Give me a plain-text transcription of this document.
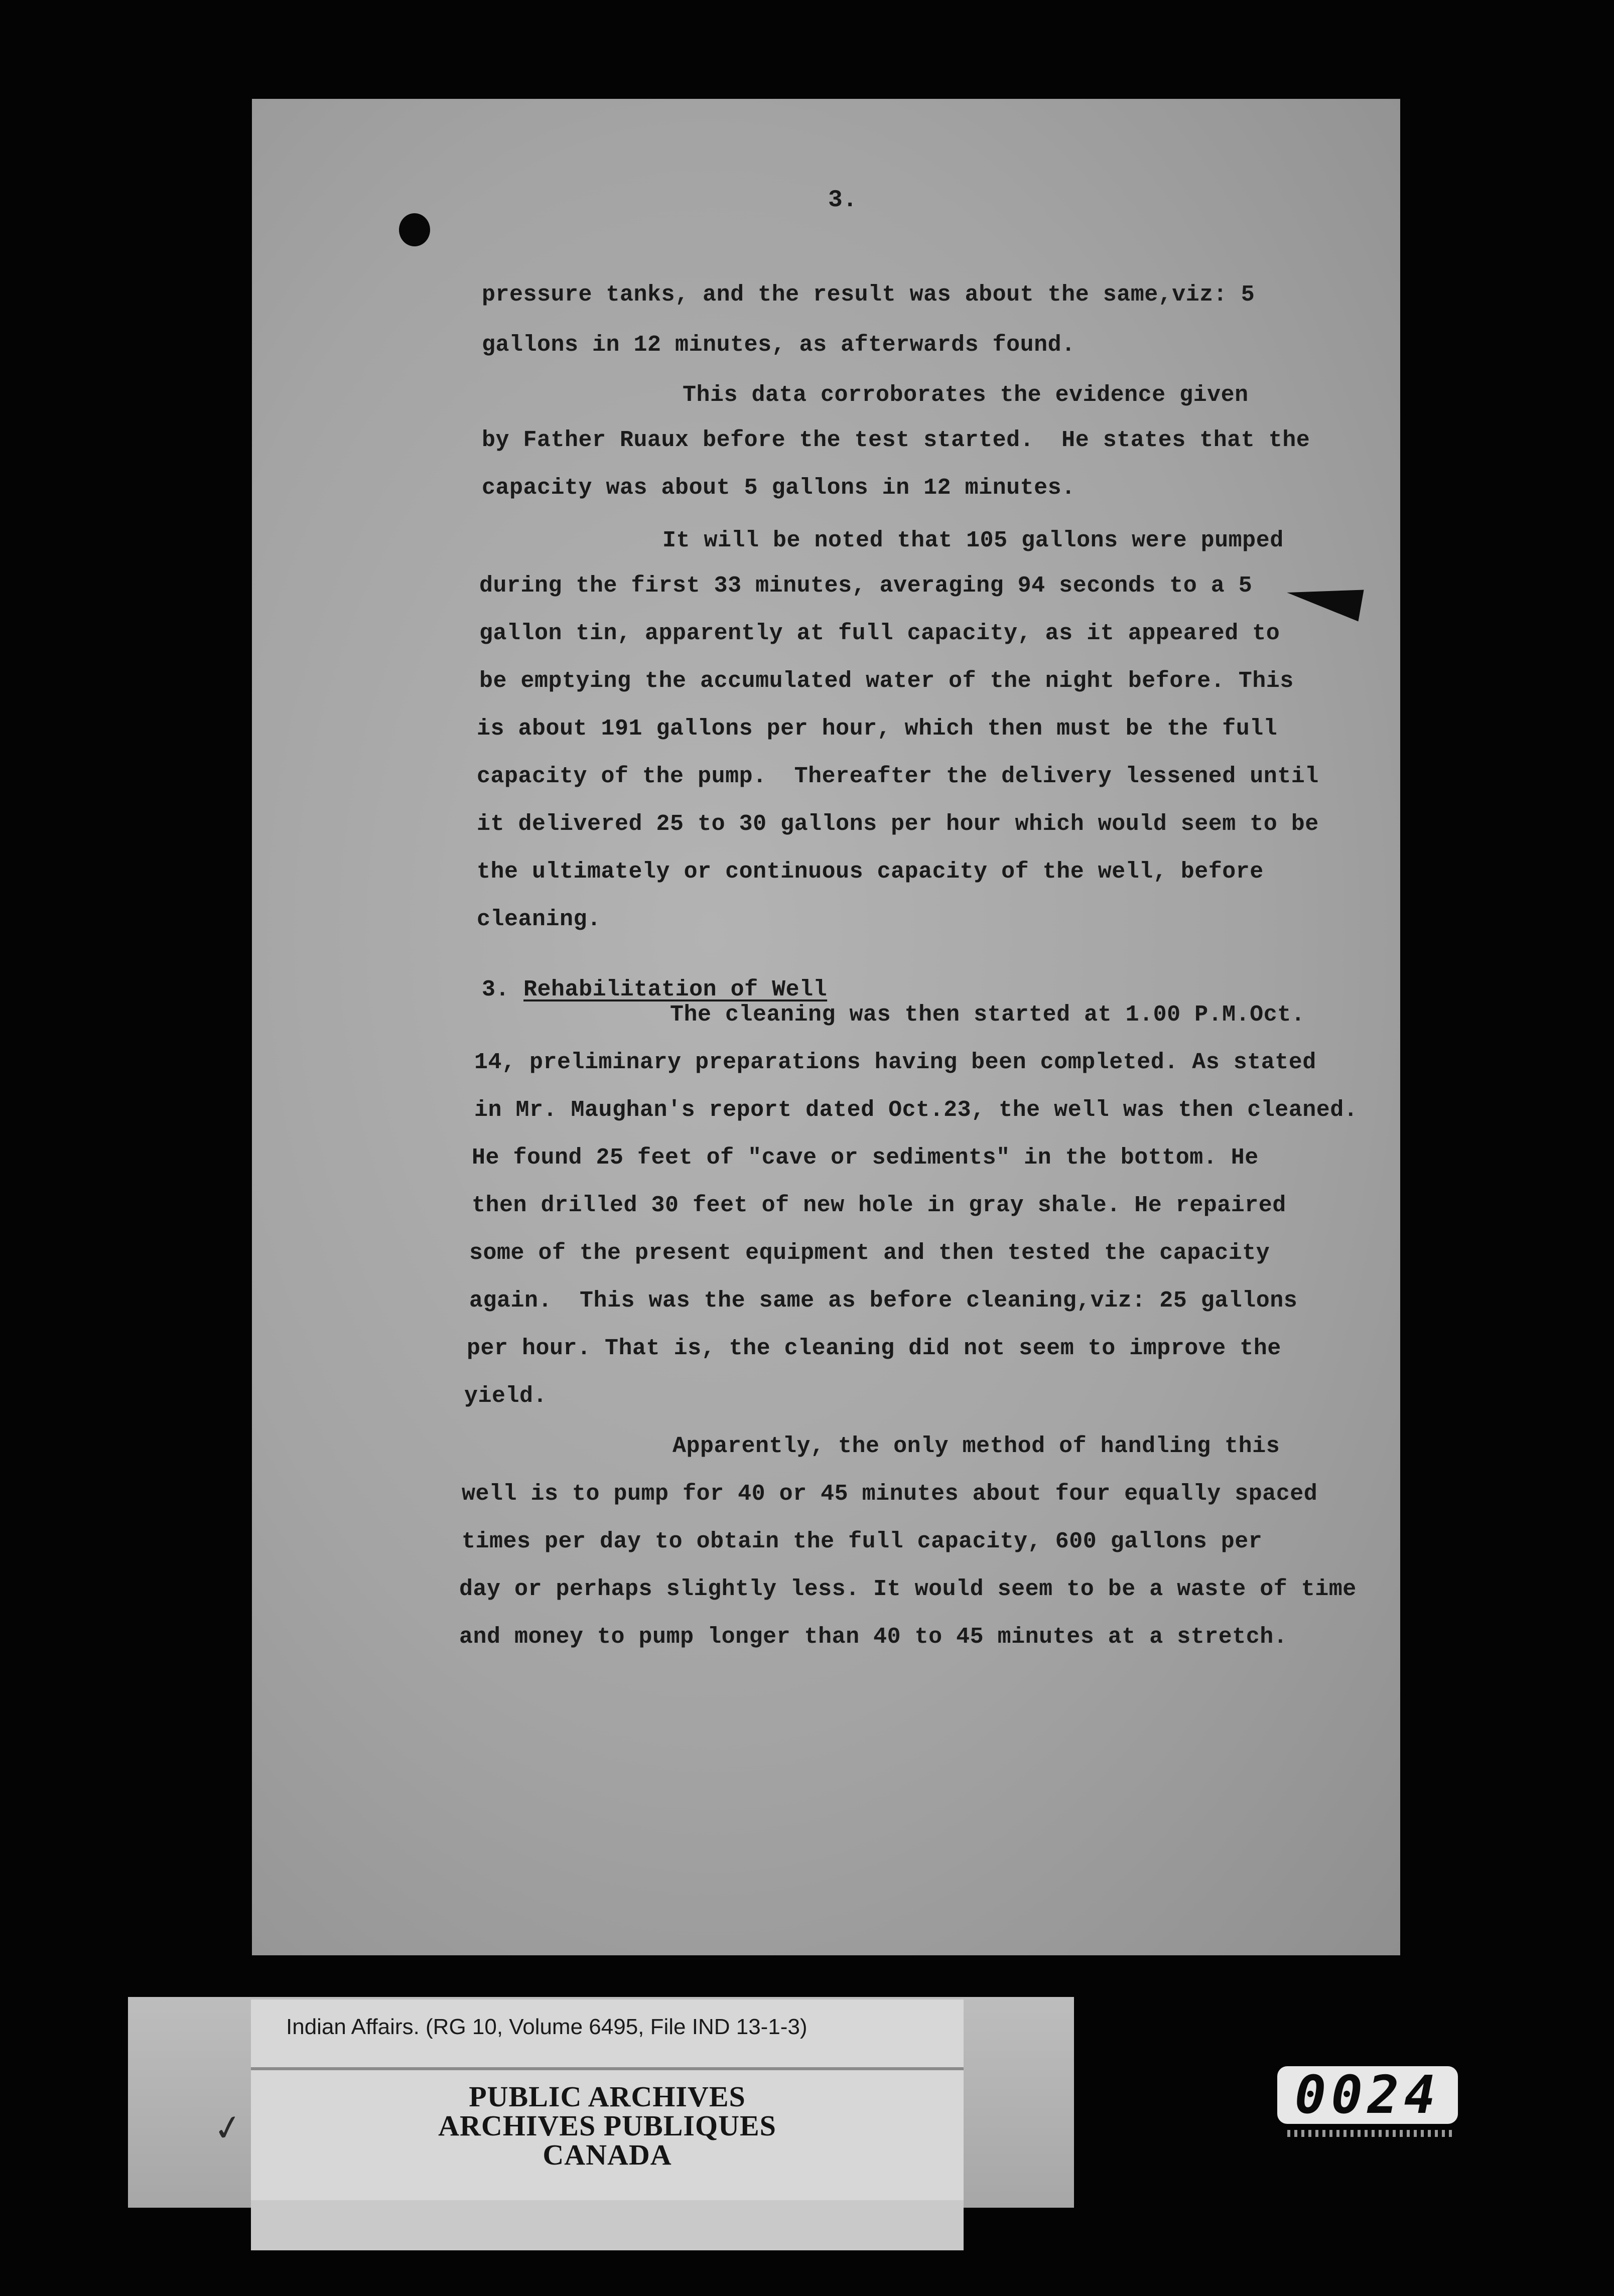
3.
pressure tanks, and the result was about the same,viz: 5
gallons in 12 minutes, as afterwards found.
This data corroborates the evidence given
by Father Ruaux before the test started.  He states that the
capacity was about 5 gallons in 12 minutes.
It will be noted that 105 gallons were pumped
during the first 33 minutes, averaging 94 seconds to a 5
gallon tin, apparently at full capacity, as it appeared to
be emptying the accumulated water of the night before. This
is about 191 gallons per hour, which then must be the full
capacity of the pump.  Thereafter the delivery lessened until
it delivered 25 to 30 gallons per hour which would seem to be
the ultimately or continuous capacity of the well, before
cleaning.

3. Rehabilitation of Well

The cleaning was then started at 1.00 P.M.Oct.
14, preliminary preparations having been completed. As stated
in Mr. Maughan's report dated Oct.23, the well was then cleaned.
He found 25 feet of "cave or sediments" in the bottom. He
then drilled 30 feet of new hole in gray shale. He repaired
some of the present equipment and then tested the capacity
again.  This was the same as before cleaning,viz: 25 gallons
per hour. That is, the cleaning did not seem to improve the
yield.
Apparently, the only method of handling this
well is to pump for 40 or 45 minutes about four equally spaced
times per day to obtain the full capacity, 600 gallons per
day or perhaps slightly less. It would seem to be a waste of time
and money to pump longer than 40 to 45 minutes at a stretch.
✓
Indian Affairs. (RG 10, Volume 6495, File IND 13-1-3)
PUBLIC ARCHIVES
ARCHIVES PUBLIQUES
CANADA
0024
